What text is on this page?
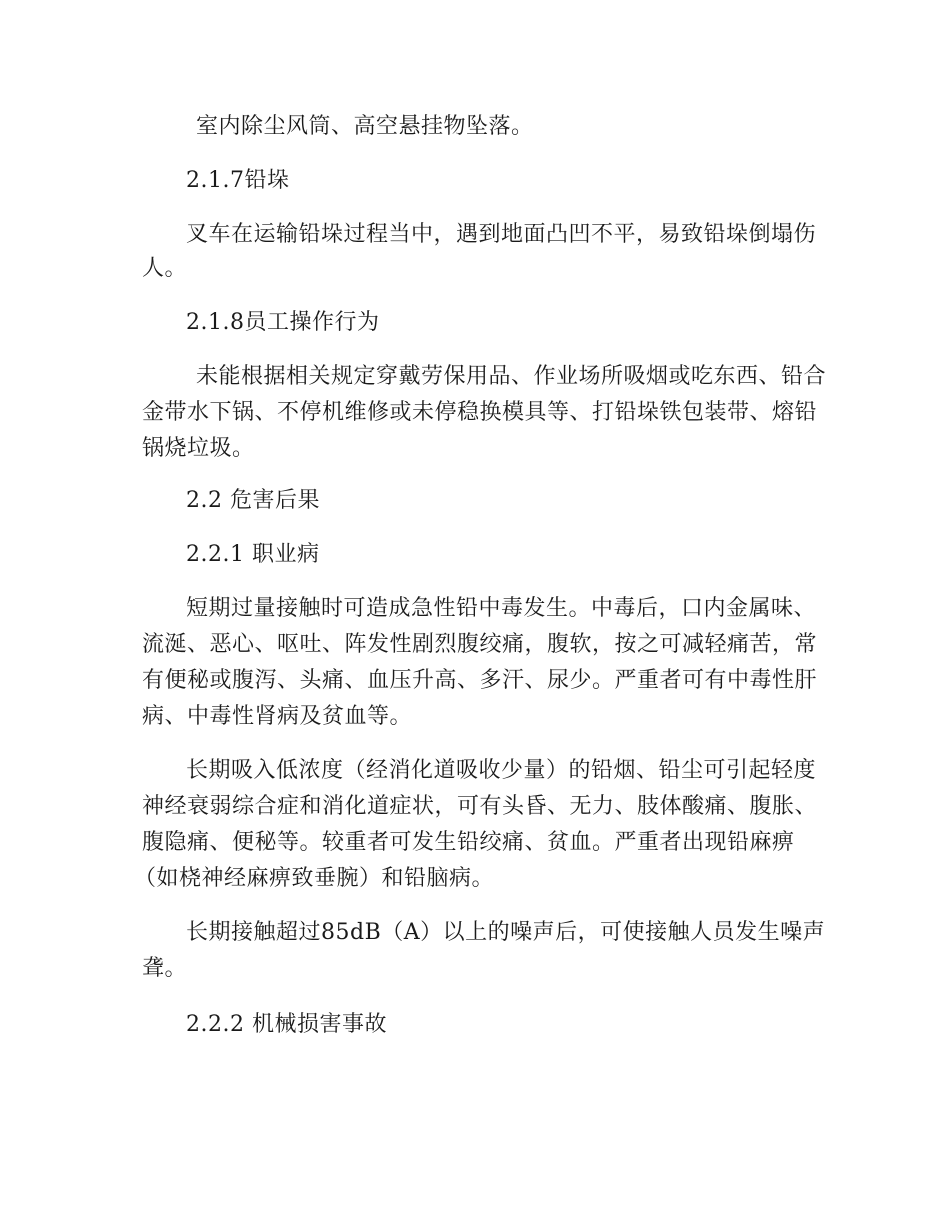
室内除尘风筒、高空悬挂物坠落。
2.1.7铅垛
叉车在运输铅垛过程当中，遇到地面凸凹不平，易致铅垛倒塌伤
人。
2.1.8员工操作行为
未能根据相关规定穿戴劳保用品、作业场所吸烟或吃东西、铅合
金带水下锅、不停机维修或未停稳换模具等、打铅垛铁包装带、熔铅
锅烧垃圾。
2.2 危害后果
2.2.1 职业病
短期过量接触时可造成急性铅中毒发生。中毒后，口内金属味、
流涎、恶心、呕吐、阵发性剧烈腹绞痛，腹软，按之可减轻痛苦，常
有便秘或腹泻、头痛、血压升高、多汗、尿少。严重者可有中毒性肝
病、中毒性肾病及贫血等。
长期吸入低浓度（经消化道吸收少量）的铅烟、铅尘可引起轻度
神经衰弱综合症和消化道症状，可有头昏、无力、肢体酸痛、腹胀、
腹隐痛、便秘等。较重者可发生铅绞痛、贫血。严重者出现铅麻痹
（如桡神经麻痹致垂腕）和铅脑病。
长期接触超过85dB（A）以上的噪声后，可使接触人员发生噪声
聋。
2.2.2 机械损害事故
